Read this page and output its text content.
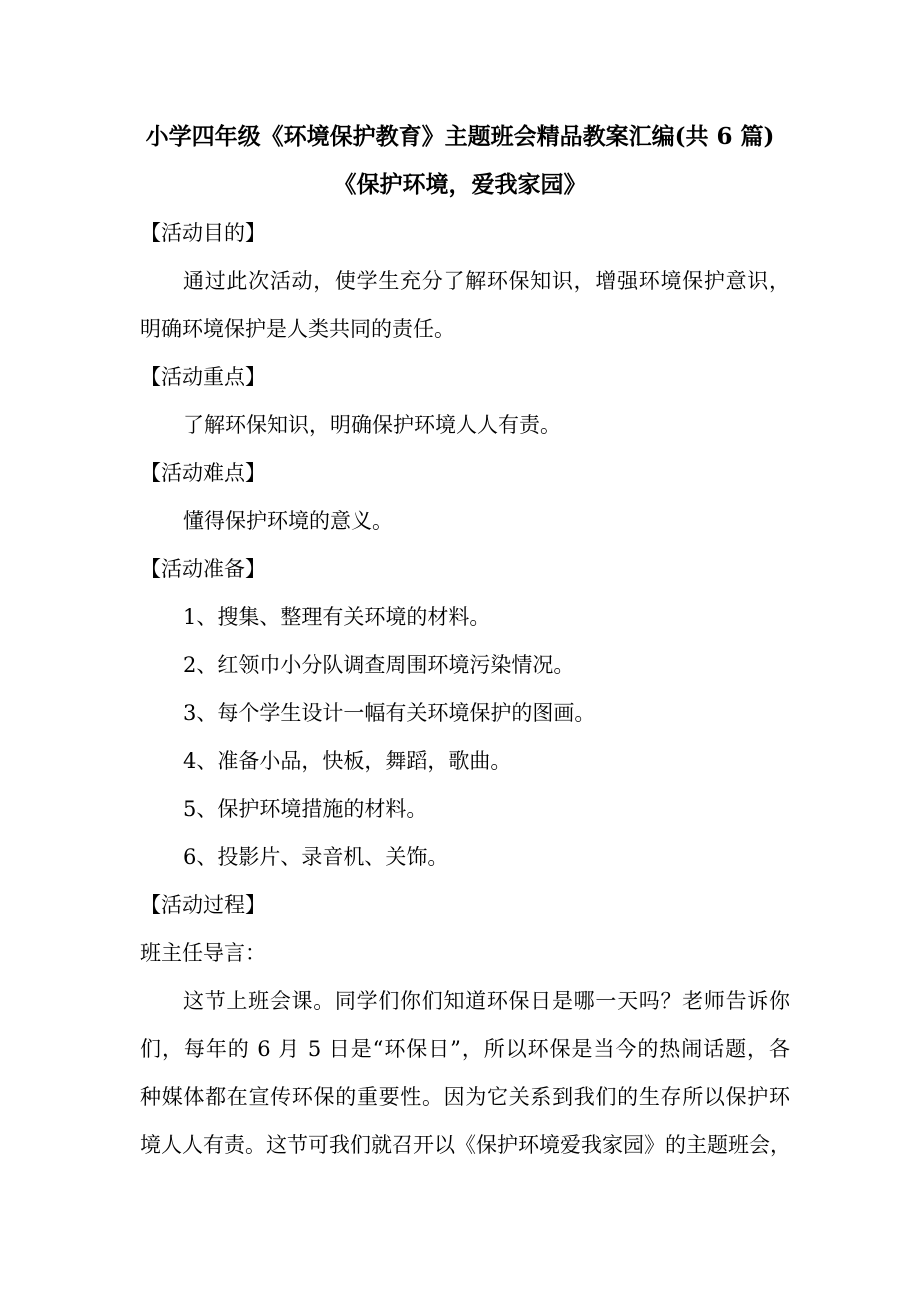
小学四年级《环境保护教育》主题班会精品教案汇编(共 6 篇)
《保护环境，爱我家园》
【活动目的】
通过此次活动，使学生充分了解环保知识，增强环境保护意识，
明确环境保护是人类共同的责任。
【活动重点】
了解环保知识，明确保护环境人人有责。
【活动难点】
懂得保护环境的意义。
【活动准备】
1、搜集、整理有关环境的材料。
2、红领巾小分队调查周围环境污染情况。
3、每个学生设计一幅有关环境保护的图画。
4、准备小品，快板，舞蹈，歌曲。
5、保护环境措施的材料。
6、投影片、录音机、关饰。
【活动过程】
班主任导言：
这节上班会课。同学们你们知道环保日是哪一天吗？老师告诉你
们，每年的 6 月 5 日是“环保日”，所以环保是当今的热闹话题，各
种媒体都在宣传环保的重要性。因为它关系到我们的生存所以保护环
境人人有责。这节可我们就召开以《保护环境爱我家园》的主题班会，
